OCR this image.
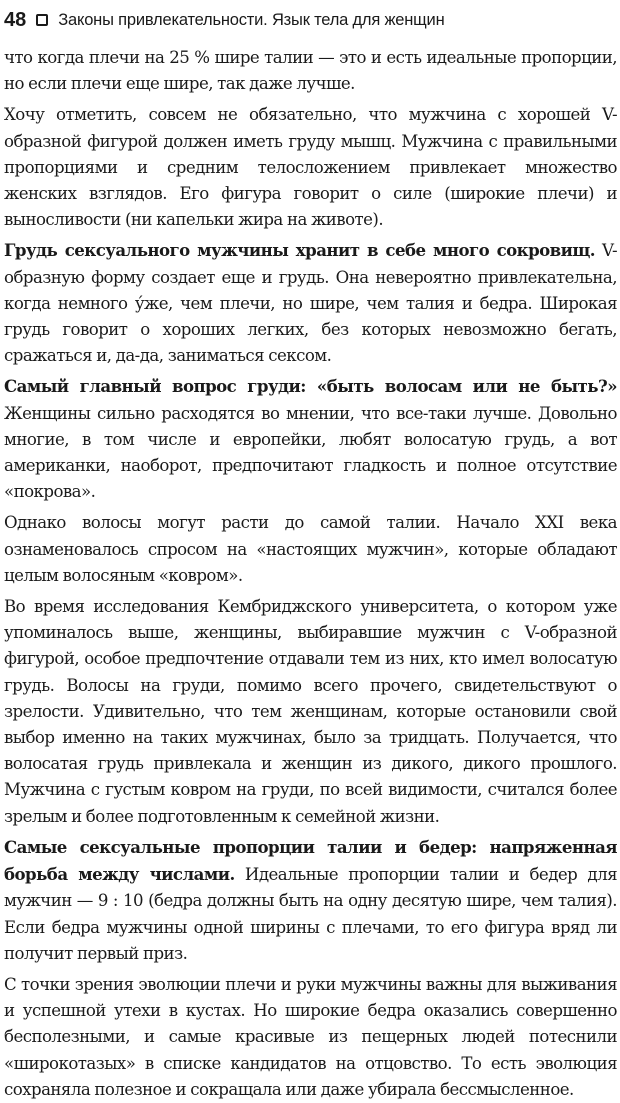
48 Законы привлекательности. Язык тела для женщин

что когда плечи на 25 % шире талии — это и есть идеальные пропорции, но если плечи еще шире, так даже лучше.

Хочу отметить, совсем не обязательно, что мужчина с хорошей V-образной фигурой должен иметь груду мышц. Мужчина с правильными пропорциями и средним телосложением привлекает множество женских взглядов. Его фигура говорит о силе (широкие плечи) и выносливости (ни капельки жира на животе).

Грудь сексуального мужчины хранит в себе много сокровищ. V-образную форму создает еще и грудь. Она невероятно привлекательна, когда немного у́же, чем плечи, но шире, чем талия и бедра. Широкая грудь говорит о хороших легких, без которых невозможно бегать, сражаться и, да-да, заниматься сексом.

Самый главный вопрос груди: «быть волосам или не быть?» Женщины сильно расходятся во мнении, что все-таки лучше. Довольно многие, в том числе и европейки, любят волосатую грудь, а вот американки, наоборот, предпочитают гладкость и полное отсутствие «покрова».

Однако волосы могут расти до самой талии. Начало XXI века ознаменовалось спросом на «настоящих мужчин», которые обладают целым волосяным «ковром».

Во время исследования Кембриджского университета, о котором уже упоминалось выше, женщины, выбиравшие мужчин с V-образной фигурой, особое предпочтение отдавали тем из них, кто имел волосатую грудь. Волосы на груди, помимо всего прочего, свидетельствуют о зрелости. Удивительно, что тем женщинам, которые остановили свой выбор именно на таких мужчинах, было за тридцать. Получается, что волосатая грудь привлекала и женщин из дикого, дикого прошлого. Мужчина с густым ковром на груди, по всей видимости, считался более зрелым и более подготовленным к семейной жизни.

Самые сексуальные пропорции талии и бедер: напряженная борьба между числами. Идеальные пропорции талии и бедер для мужчин — 9 : 10 (бедра должны быть на одну десятую шире, чем талия). Если бедра мужчины одной ширины с плечами, то его фигура вряд ли получит первый приз.

С точки зрения эволюции плечи и руки мужчины важны для выживания и успешной утехи в кустах. Но широкие бедра оказались совершенно бесполезными, и самые красивые из пещерных людей потеснили «широкотазых» в списке кандидатов на отцовство. То есть эволюция сохраняла полезное и сокращала или даже убирала бессмысленное.
